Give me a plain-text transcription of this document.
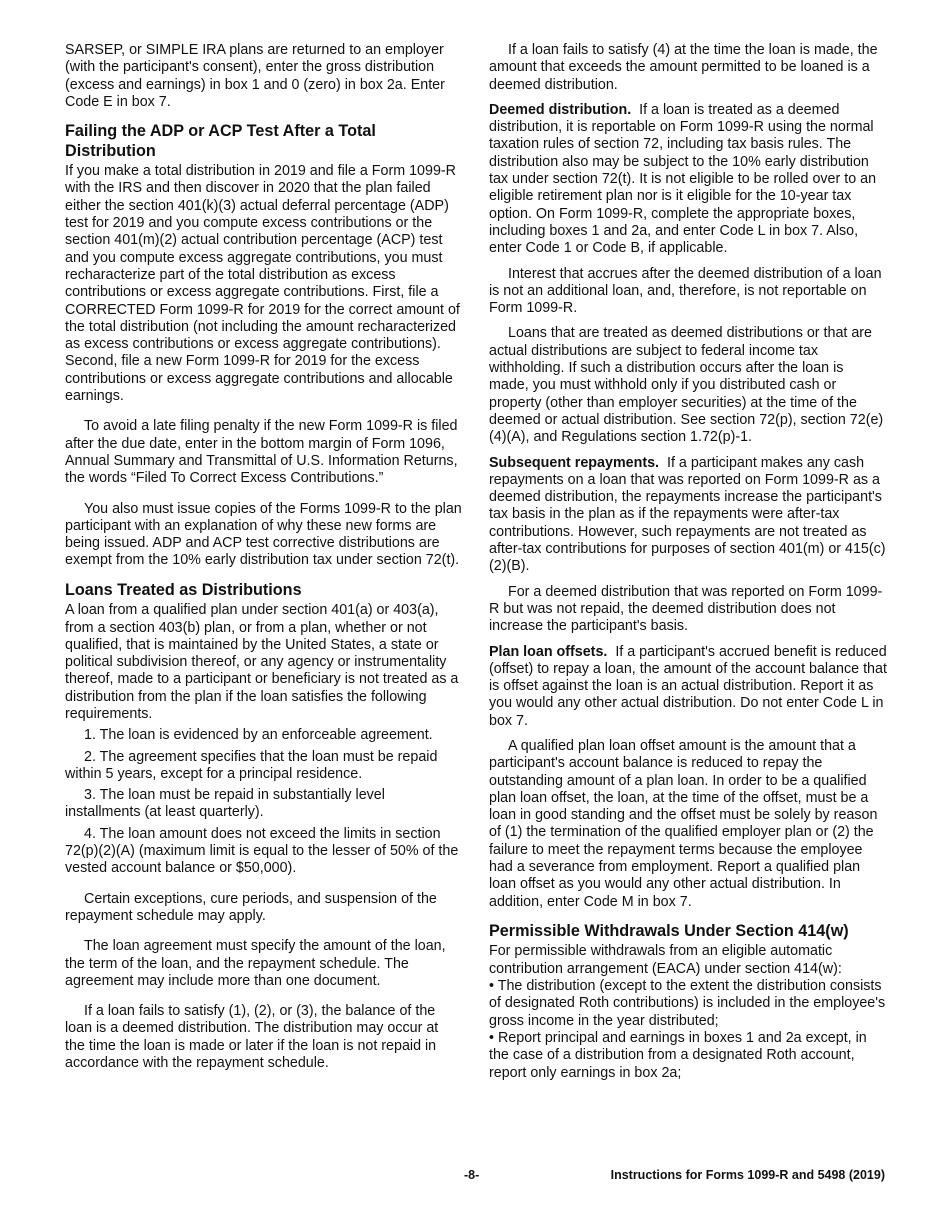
SARSEP, or SIMPLE IRA plans are returned to an employer (with the participant's consent), enter the gross distribution (excess and earnings) in box 1 and 0 (zero) in box 2a. Enter Code E in box 7.

Failing the ADP or ACP Test After a Total Distribution

If you make a total distribution in 2019 and file a Form 1099-R with the IRS and then discover in 2020 that the plan failed either the section 401(k)(3) actual deferral percentage (ADP) test for 2019 and you compute excess contributions or the section 401(m)(2) actual contribution percentage (ACP) test and you compute excess aggregate contributions, you must recharacterize part of the total distribution as excess contributions or excess aggregate contributions. First, file a CORRECTED Form 1099-R for 2019 for the correct amount of the total distribution (not including the amount recharacterized as excess contributions or excess aggregate contributions). Second, file a new Form 1099-R for 2019 for the excess contributions or excess aggregate contributions and allocable earnings.

To avoid a late filing penalty if the new Form 1099-R is filed after the due date, enter in the bottom margin of Form 1096, Annual Summary and Transmittal of U.S. Information Returns, the words “Filed To Correct Excess Contributions.”

You also must issue copies of the Forms 1099-R to the plan participant with an explanation of why these new forms are being issued. ADP and ACP test corrective distributions are exempt from the 10% early distribution tax under section 72(t).

Loans Treated as Distributions

A loan from a qualified plan under section 401(a) or 403(a), from a section 403(b) plan, or from a plan, whether or not qualified, that is maintained by the United States, a state or political subdivision thereof, or any agency or instrumentality thereof, made to a participant or beneficiary is not treated as a distribution from the plan if the loan satisfies the following requirements.

1. The loan is evidenced by an enforceable agreement.

2. The agreement specifies that the loan must be repaid within 5 years, except for a principal residence.

3. The loan must be repaid in substantially level installments (at least quarterly).

4. The loan amount does not exceed the limits in section 72(p)(2)(A) (maximum limit is equal to the lesser of 50% of the vested account balance or $50,000).

Certain exceptions, cure periods, and suspension of the repayment schedule may apply.

The loan agreement must specify the amount of the loan, the term of the loan, and the repayment schedule. The agreement may include more than one document.

If a loan fails to satisfy (1), (2), or (3), the balance of the loan is a deemed distribution. The distribution may occur at the time the loan is made or later if the loan is not repaid in accordance with the repayment schedule.

If a loan fails to satisfy (4) at the time the loan is made, the amount that exceeds the amount permitted to be loaned is a deemed distribution.

Deemed distribution. If a loan is treated as a deemed distribution, it is reportable on Form 1099-R using the normal taxation rules of section 72, including tax basis rules. The distribution also may be subject to the 10% early distribution tax under section 72(t). It is not eligible to be rolled over to an eligible retirement plan nor is it eligible for the 10-year tax option. On Form 1099-R, complete the appropriate boxes, including boxes 1 and 2a, and enter Code L in box 7. Also, enter Code 1 or Code B, if applicable.

Interest that accrues after the deemed distribution of a loan is not an additional loan, and, therefore, is not reportable on Form 1099-R.

Loans that are treated as deemed distributions or that are actual distributions are subject to federal income tax withholding. If such a distribution occurs after the loan is made, you must withhold only if you distributed cash or property (other than employer securities) at the time of the deemed or actual distribution. See section 72(p), section 72(e)(4)(A), and Regulations section 1.72(p)-1.

Subsequent repayments. If a participant makes any cash repayments on a loan that was reported on Form 1099-R as a deemed distribution, the repayments increase the participant's tax basis in the plan as if the repayments were after-tax contributions. However, such repayments are not treated as after-tax contributions for purposes of section 401(m) or 415(c)(2)(B).

For a deemed distribution that was reported on Form 1099-R but was not repaid, the deemed distribution does not increase the participant's basis.

Plan loan offsets. If a participant's accrued benefit is reduced (offset) to repay a loan, the amount of the account balance that is offset against the loan is an actual distribution. Report it as you would any other actual distribution. Do not enter Code L in box 7.

A qualified plan loan offset amount is the amount that a participant's account balance is reduced to repay the outstanding amount of a plan loan. In order to be a qualified plan loan offset, the loan, at the time of the offset, must be a loan in good standing and the offset must be solely by reason of (1) the termination of the qualified employer plan or (2) the failure to meet the repayment terms because the employee had a severance from employment. Report a qualified plan loan offset as you would any other actual distribution. In addition, enter Code M in box 7.

Permissible Withdrawals Under Section 414(w)

For permissible withdrawals from an eligible automatic contribution arrangement (EACA) under section 414(w):

• The distribution (except to the extent the distribution consists of designated Roth contributions) is included in the employee's gross income in the year distributed;

• Report principal and earnings in boxes 1 and 2a except, in the case of a distribution from a designated Roth account, report only earnings in box 2a;

-8-	Instructions for Forms 1099-R and 5498 (2019)
